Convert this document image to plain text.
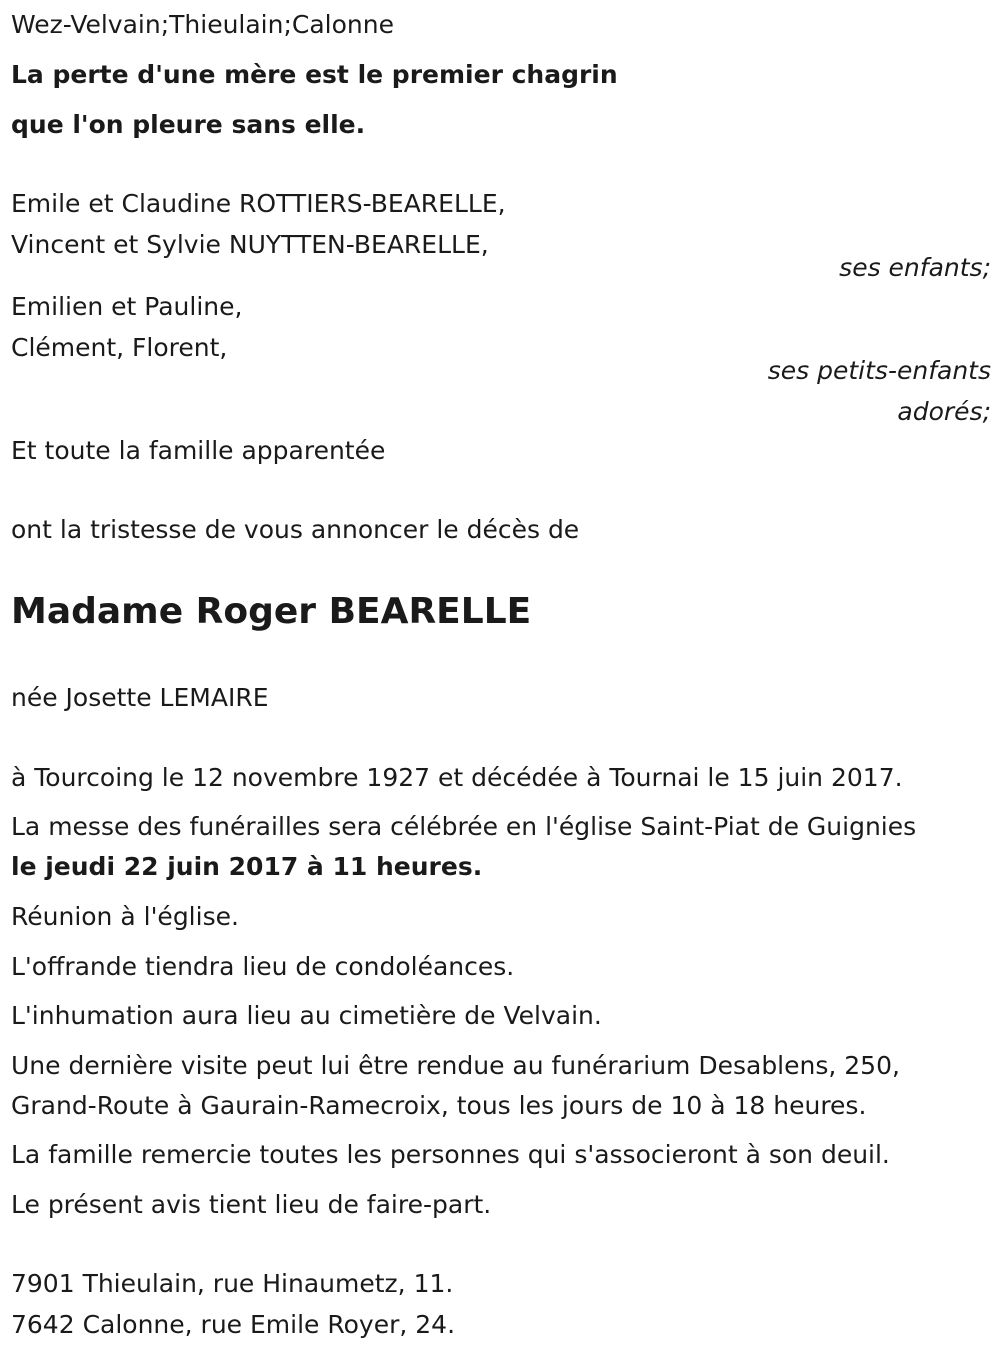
Wez-Velvain;Thieulain;Calonne
La perte d'une mère est le premier chagrin
que l'on pleure sans elle.
Emile et Claudine ROTTIERS-BEARELLE,
Vincent et Sylvie NUYTTEN-BEARELLE,
ses enfants;
Emilien et Pauline,
Clément, Florent,
ses petits-enfants
adorés;
Et toute la famille apparentée
ont la tristesse de vous annoncer le décès de
Madame Roger BEARELLE
née Josette LEMAIRE
à Tourcoing le 12 novembre 1927 et décédée à Tournai le 15 juin 2017.
La messe des funérailles sera célébrée en l'église Saint-Piat de Guignies
le jeudi 22 juin 2017 à 11 heures.
Réunion à l'église.
L'offrande tiendra lieu de condoléances.
L'inhumation aura lieu au cimetière de Velvain.
Une dernière visite peut lui être rendue au funérarium Desablens, 250,
Grand-Route à Gaurain-Ramecroix, tous les jours de 10 à 18 heures.
La famille remercie toutes les personnes qui s'associeront à son deuil.
Le présent avis tient lieu de faire-part.
7901 Thieulain, rue Hinaumetz, 11.
7642 Calonne, rue Emile Royer, 24.
